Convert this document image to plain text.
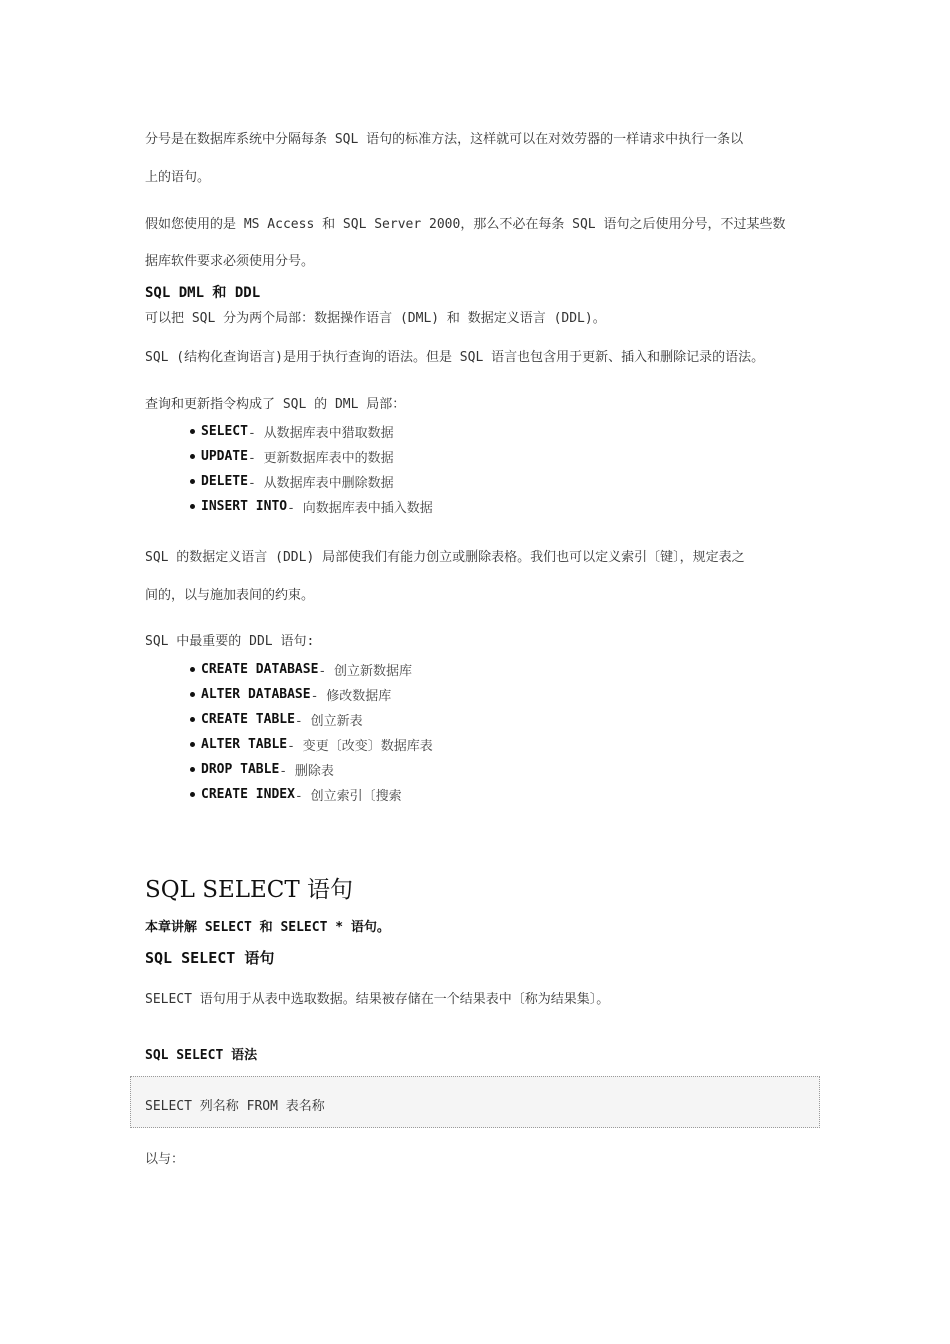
分号是在数据库系统中分隔每条 SQL 语句的标准方法，这样就可以在对效劳器的一样请求中执行一条以
上的语句。
假如您使用的是 MS Access 和 SQL Server 2000，那么不必在每条 SQL 语句之后使用分号，不过某些数
据库软件要求必须使用分号。
SQL DML 和 DDL
可以把 SQL 分为两个局部：数据操作语言 (DML) 和 数据定义语言 (DDL)。
SQL (结构化查询语言)是用于执行查询的语法。但是 SQL 语言也包含用于更新、插入和删除记录的语法。
查询和更新指令构成了 SQL 的 DML 局部：
SELECT - 从数据库表中猎取数据
UPDATE - 更新数据库表中的数据
DELETE - 从数据库表中删除数据
INSERT INTO - 向数据库表中插入数据
SQL 的数据定义语言 (DDL) 局部使我们有能力创立或删除表格。我们也可以定义索引〔键〕，规定表之
间的，以与施加表间的约束。
SQL 中最重要的 DDL 语句:
CREATE DATABASE - 创立新数据库
ALTER DATABASE - 修改数据库
CREATE TABLE - 创立新表
ALTER TABLE - 变更〔改变〕数据库表
DROP TABLE - 删除表
CREATE INDEX - 创立索引〔搜索
SQL SELECT 语句
本章讲解 SELECT 和 SELECT * 语句。
SQL SELECT 语句
SELECT 语句用于从表中选取数据。结果被存储在一个结果表中〔称为结果集〕。
SQL SELECT 语法
SELECT 列名称 FROM 表名称
以与：
